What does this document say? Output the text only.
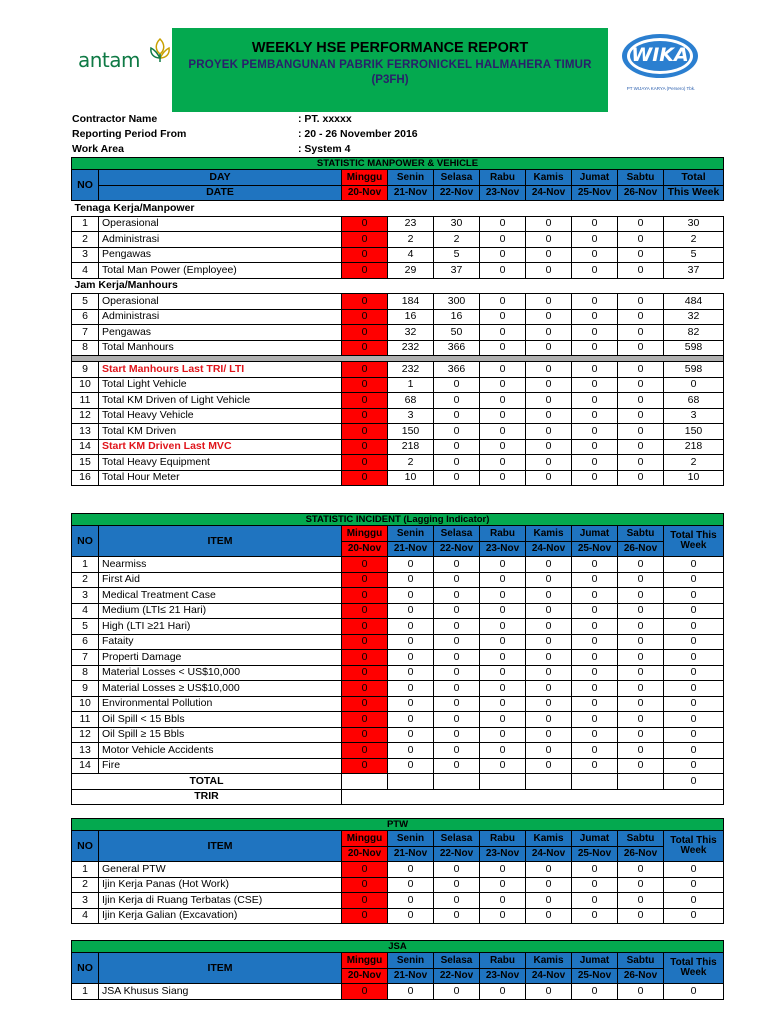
antam	WEEKLY HSE PERFORMANCE REPORT
PROYEK PEMBANGUNAN PABRIK FERRONICKEL HALMAHERA TIMUR
(P3FH)
WIKA
PT WIJAYA KARYA (Persero) Tbk.
Contractor Name	: PT. xxxxx
Reporting Period From	: 20 - 26 November 2016
Work Area	: System 4
STATISTIC MANPOWER & VEHICLE									
NO	DAY	Minggu	Senin	Selasa	Rabu	Kamis	Jumat	Sabtu	Total
	DATE	20-Nov	21-Nov	22-Nov	23-Nov	24-Nov	25-Nov	26-Nov	This Week
Tenaga Kerja/Manpower									
1	Operasional	0	23	30	0	0	0	0	30
2	Administrasi	0	2	2	0	0	0	0	2
3	Pengawas	0	4	5	0	0	0	0	5
4	Total Man Power (Employee)	0	29	37	0	0	0	0	37
Jam Kerja/Manhours									
5	Operasional	0	184	300	0	0	0	0	484
6	Administrasi	0	16	16	0	0	0	0	32
7	Pengawas	0	32	50	0	0	0	0	82
8	Total Manhours	0	232	366	0	0	0	0	598

9	Start Manhours Last TRI/ LTI	0	232	366	0	0	0	0	598
10	Total Light Vehicle	0	1	0	0	0	0	0	0
11	Total KM Driven of Light Vehicle	0	68	0	0	0	0	0	68
12	Total Heavy Vehicle	0	3	0	0	0	0	0	3
13	Total KM Driven	0	150	0	0	0	0	0	150
14	Start KM Driven Last MVC	0	218	0	0	0	0	0	218
15	Total Heavy Equipment	0	2	0	0	0	0	0	2
16	Total Hour Meter	0	10	0	0	0	0	0	10
STATISTIC INCIDENT (Lagging Indicator)									
NO	ITEM	Minggu	Senin	Selasa	Rabu	Kamis	Jumat	Sabtu	Total This Week
		20-Nov	21-Nov	22-Nov	23-Nov	24-Nov	25-Nov	26-Nov	
1	Nearmiss	0	0	0	0	0	0	0	0
2	First Aid	0	0	0	0	0	0	0	0
3	Medical Treatment Case	0	0	0	0	0	0	0	0
4	Medium (LTI≤ 21 Hari)	0	0	0	0	0	0	0	0
5	High (LTI ≥21 Hari)	0	0	0	0	0	0	0	0
6	Fataity	0	0	0	0	0	0	0	0
7	Properti Damage	0	0	0	0	0	0	0	0
8	Material Losses < US$10,000	0	0	0	0	0	0	0	0
9	Material Losses ≥ US$10,000	0	0	0	0	0	0	0	0
10	Environmental Pollution	0	0	0	0	0	0	0	0
11	Oil Spill < 15 Bbls	0	0	0	0	0	0	0	0
12	Oil Spill ≥ 15 Bbls	0	0	0	0	0	0	0	0
13	Motor Vehicle Accidents	0	0	0	0	0	0	0	0
14	Fire	0	0	0	0	0	0	0	0
TOTAL									0
TRIR									
PTW									
NO	ITEM	Minggu	Senin	Selasa	Rabu	Kamis	Jumat	Sabtu	Total This Week
		20-Nov	21-Nov	22-Nov	23-Nov	24-Nov	25-Nov	26-Nov	
1	General PTW	0	0	0	0	0	0	0	0
2	Ijin Kerja Panas (Hot Work)	0	0	0	0	0	0	0	0
3	Ijin Kerja di Ruang Terbatas (CSE)	0	0	0	0	0	0	0	0
4	Ijin Kerja Galian (Excavation)	0	0	0	0	0	0	0	0
JSA									
NO	ITEM	Minggu	Senin	Selasa	Rabu	Kamis	Jumat	Sabtu	Total This Week
		20-Nov	21-Nov	22-Nov	23-Nov	24-Nov	25-Nov	26-Nov	
1	JSA Khusus Siang	0	0	0	0	0	0	0	0
